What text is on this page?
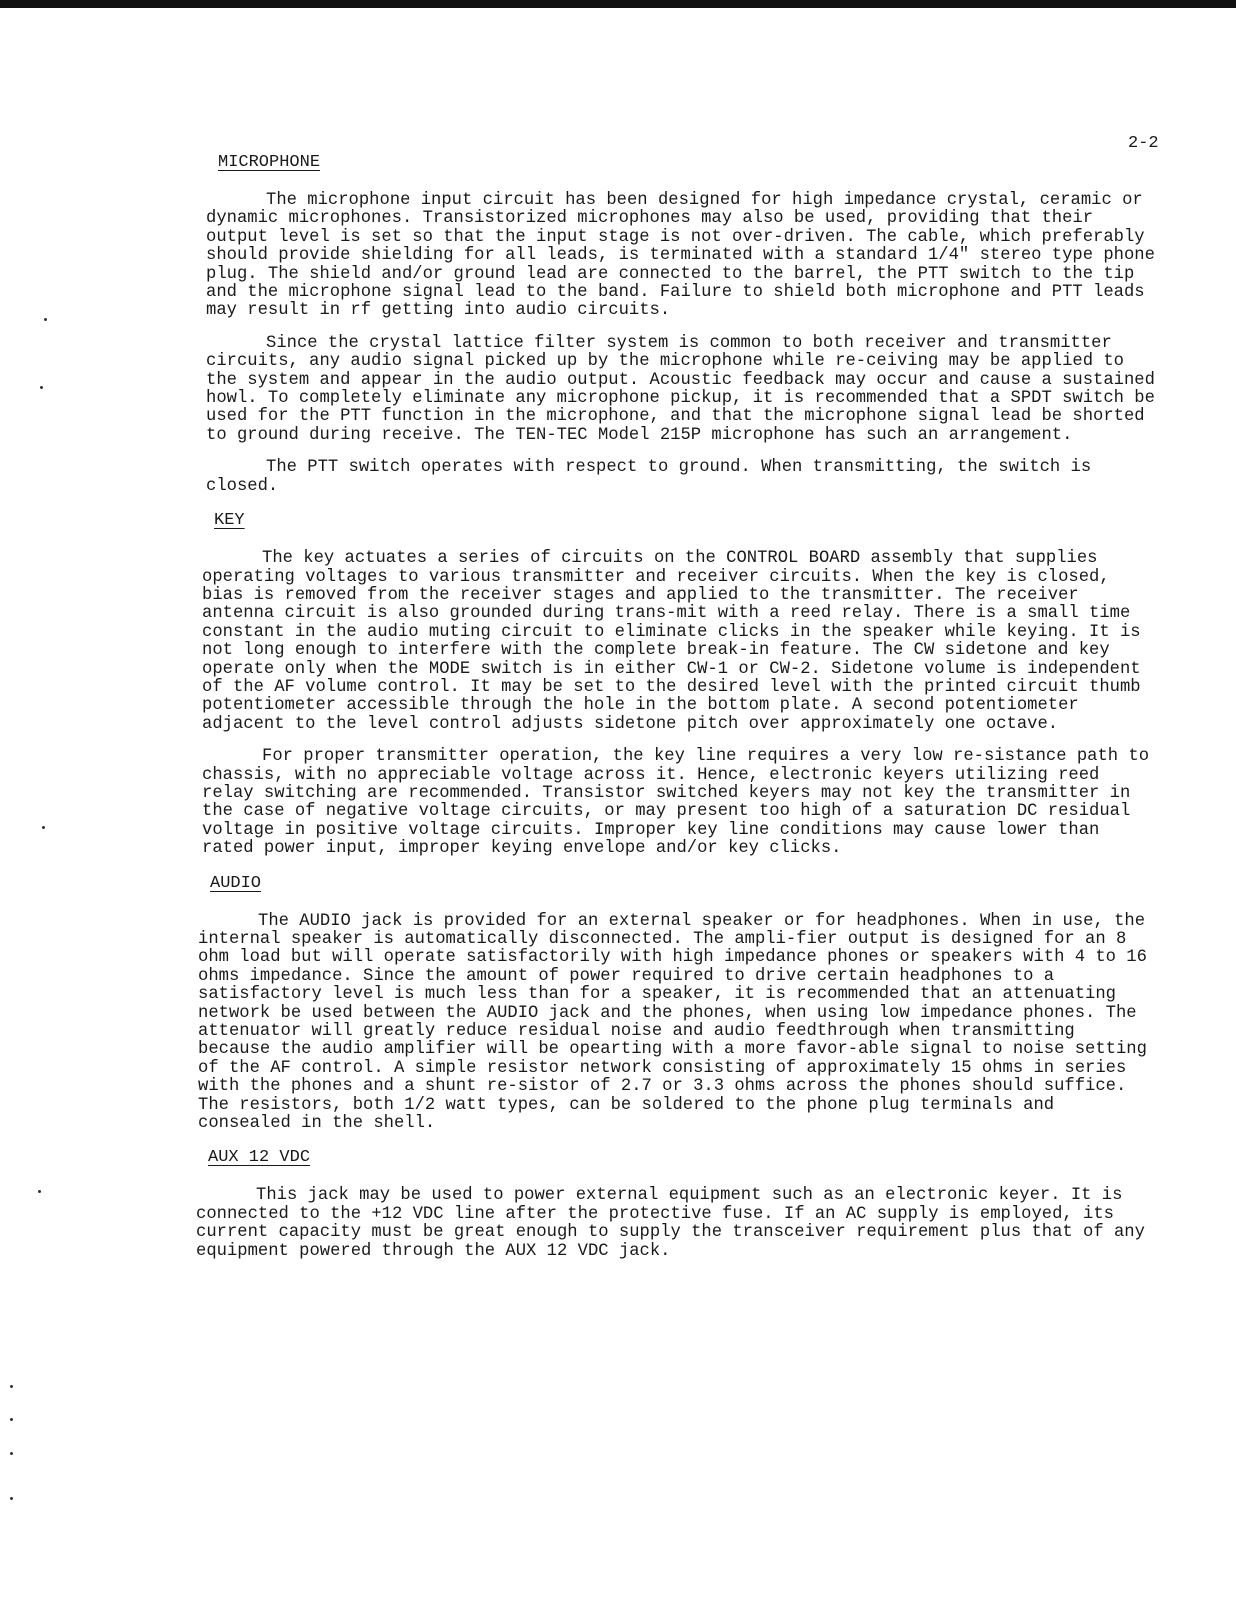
2-2
MICROPHONE

The microphone input circuit has been designed for high impedance crystal, ceramic or dynamic microphones. Transistorized microphones may also be used, providing that their output level is set so that the input stage is not over-driven. The cable, which preferably should provide shielding for all leads, is terminated with a standard 1/4" stereo type phone plug. The shield and/or ground lead are connected to the barrel, the PTT switch to the tip and the microphone signal lead to the band. Failure to shield both microphone and PTT leads may result in rf getting into audio circuits.

Since the crystal lattice filter system is common to both receiver and transmitter circuits, any audio signal picked up by the microphone while re-ceiving may be applied to the system and appear in the audio output. Acoustic feedback may occur and cause a sustained howl. To completely eliminate any microphone pickup, it is recommended that a SPDT switch be used for the PTT function in the microphone, and that the microphone signal lead be shorted to ground during receive. The TEN-TEC Model 215P microphone has such an arrangement.

The PTT switch operates with respect to ground. When transmitting, the switch is closed.

KEY

The key actuates a series of circuits on the CONTROL BOARD assembly that supplies operating voltages to various transmitter and receiver circuits. When the key is closed, bias is removed from the receiver stages and applied to the transmitter. The receiver antenna circuit is also grounded during trans-mit with a reed relay. There is a small time constant in the audio muting circuit to eliminate clicks in the speaker while keying. It is not long enough to interfere with the complete break-in feature. The CW sidetone and key operate only when the MODE switch is in either CW-1 or CW-2. Sidetone volume is independent of the AF volume control. It may be set to the desired level with the printed circuit thumb potentiometer accessible through the hole in the bottom plate. A second potentiometer adjacent to the level control adjusts sidetone pitch over approximately one octave.

For proper transmitter operation, the key line requires a very low re-sistance path to chassis, with no appreciable voltage across it. Hence, electronic keyers utilizing reed relay switching are recommended. Transistor switched keyers may not key the transmitter in the case of negative voltage circuits, or may present too high of a saturation DC residual voltage in positive voltage circuits. Improper key line conditions may cause lower than rated power input, improper keying envelope and/or key clicks.

AUDIO

The AUDIO jack is provided for an external speaker or for headphones. When in use, the internal speaker is automatically disconnected. The ampli-fier output is designed for an 8 ohm load but will operate satisfactorily with high impedance phones or speakers with 4 to 16 ohms impedance. Since the amount of power required to drive certain headphones to a satisfactory level is much less than for a speaker, it is recommended that an attenuating network be used between the AUDIO jack and the phones, when using low impedance phones. The attenuator will greatly reduce residual noise and audio feedthrough when transmitting because the audio amplifier will be opearting with a more favor-able signal to noise setting of the AF control. A simple resistor network consisting of approximately 15 ohms in series with the phones and a shunt re-sistor of 2.7 or 3.3 ohms across the phones should suffice. The resistors, both 1/2 watt types, can be soldered to the phone plug terminals and consealed in the shell.

AUX 12 VDC

This jack may be used to power external equipment such as an electronic keyer. It is connected to the +12 VDC line after the protective fuse. If an AC supply is employed, its current capacity must be great enough to supply the transceiver requirement plus that of any equipment powered through the AUX 12 VDC jack.
